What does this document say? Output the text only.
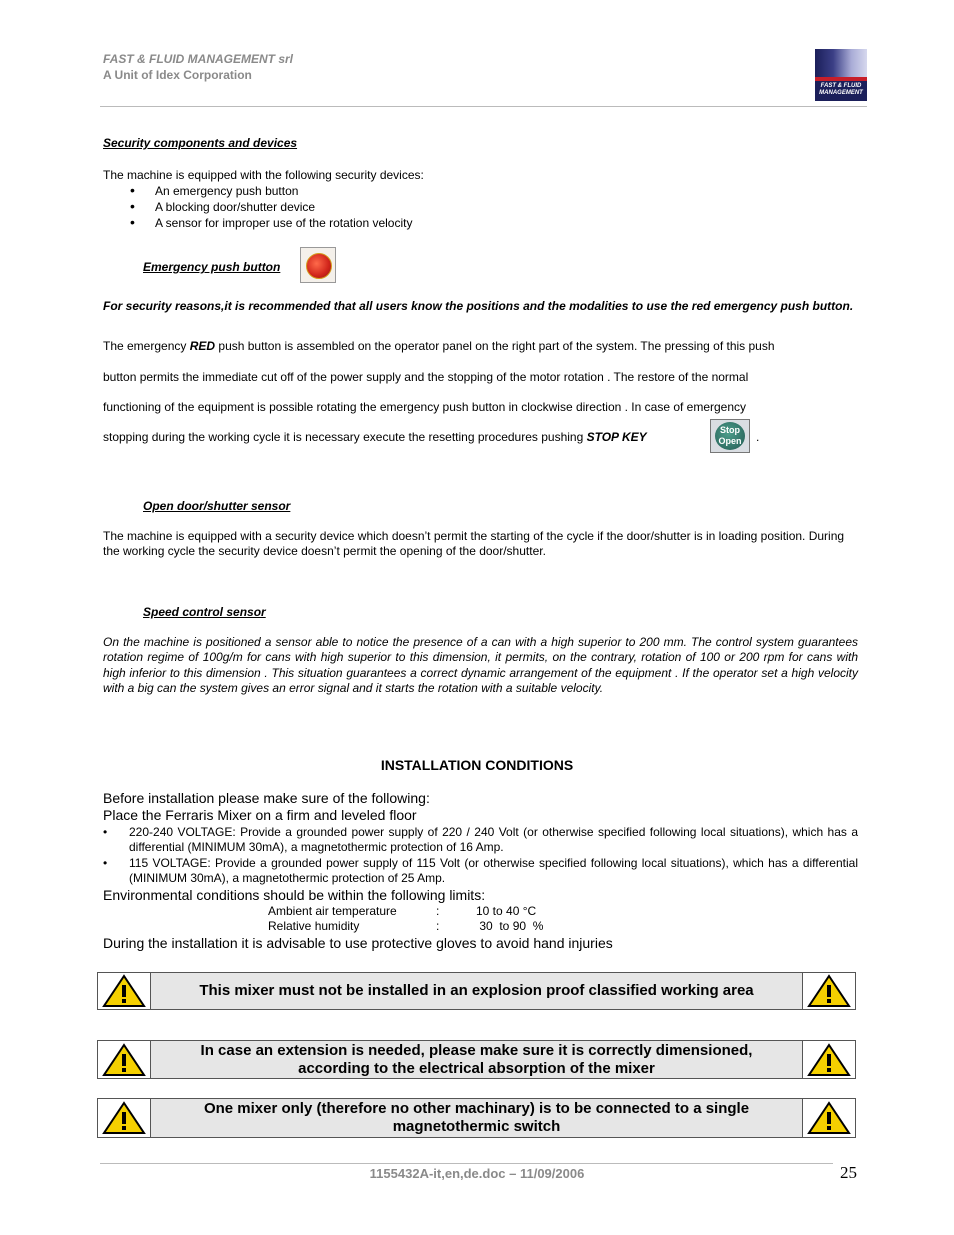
FAST & FLUID MANAGEMENT srl
A Unit of Idex Corporation
FAST & FLUID MANAGEMENT
Security components and devices
The machine is equipped with the following security devices:
• An emergency push button
• A blocking door/shutter device
• A sensor for improper use of the rotation velocity
Emergency push button
For security reasons,it is recommended that all users know the positions and the modalities to use the red emergency push button.
The emergency RED push button is assembled on the operator panel on the right part of the system. The pressing of this push
button permits the immediate cut off of the power supply and the stopping of the motor rotation . The restore of the normal
functioning of the equipment is possible rotating the emergency push button in clockwise direction . In case of emergency
stopping during the working cycle it is necessary execute the resetting procedures pushing STOP KEY	Stop Open .
Open door/shutter sensor
The machine is equipped with a security device which doesn’t permit the starting of the cycle if the door/shutter is in loading position. During the working cycle the security device doesn’t permit the opening of the door/shutter.
Speed control sensor
On the machine is positioned a sensor able to notice the presence of a can with a high superior to 200 mm. The control system guarantees rotation regime of 100g/m for cans with high superior to this dimension, it permits, on the contrary, rotation of 100 or 200 rpm for cans with high inferior to this dimension . This situation guarantees a correct dynamic arrangement of the equipment . If the operator set a high velocity with a big can the system gives an error signal and it starts the rotation with a suitable velocity.
INSTALLATION CONDITIONS
Before installation please make sure of the following:
Place the Ferraris Mixer on a firm and leveled floor
• 220-240 VOLTAGE: Provide a grounded power supply of 220 / 240 Volt (or otherwise specified following local situations), which has a differential (MINIMUM 30mA), a magnetothermic protection of 16 Amp.
• 115 VOLTAGE: Provide a grounded power supply of 115 Volt (or otherwise specified following local situations), which has a differential (MINIMUM 30mA), a magnetothermic protection of 25 Amp.
Environmental conditions should be within the following limits:
Ambient air temperature	:	10 to 40 °C
Relative humidity	:	30  to 90  %
During the installation it is advisable to use protective gloves to avoid hand injuries
This mixer must not be installed in an explosion proof classified working area
In case an extension is needed, please make sure it is correctly dimensioned, according to the electrical absorption of the mixer
One mixer only (therefore no other machinary) is to be connected to a single magnetothermic switch
1155432A-it,en,de.doc – 11/09/2006	25
